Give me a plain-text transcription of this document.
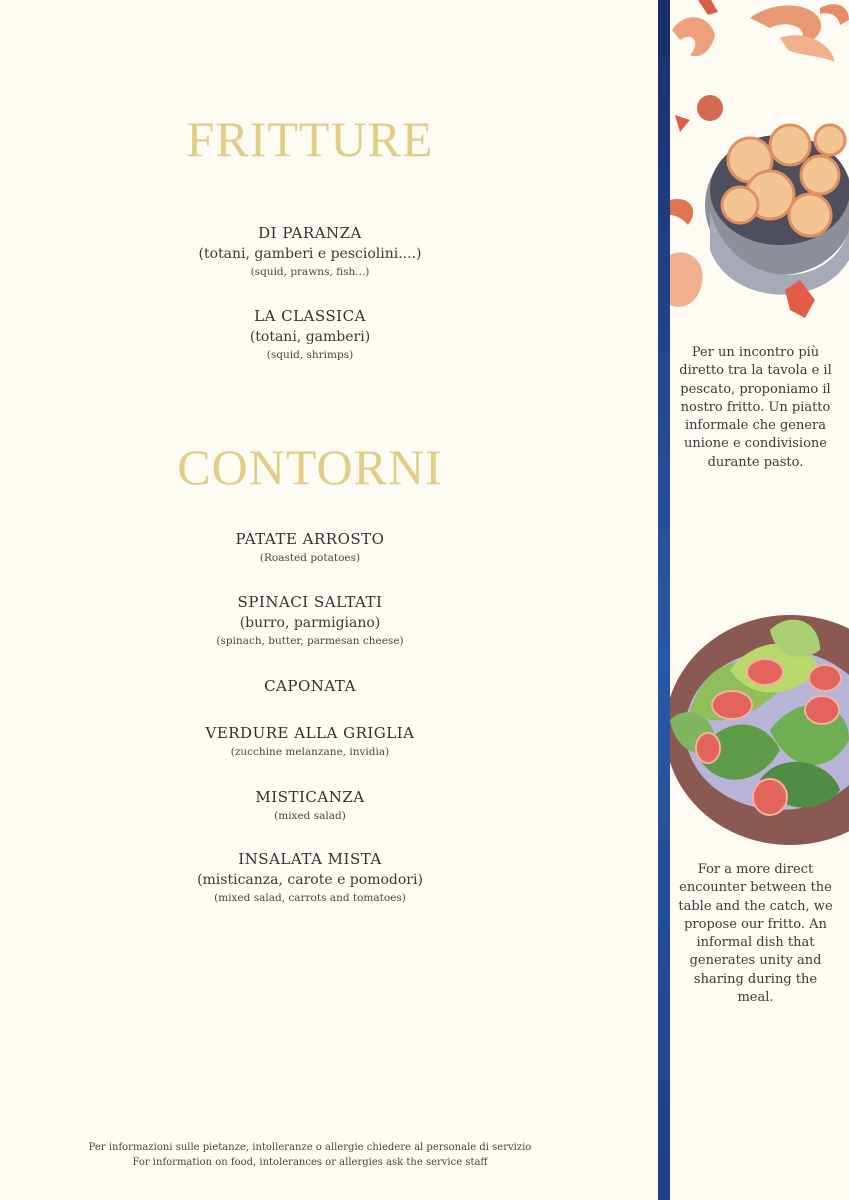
FRITTURE
DI PARANZA
(totani, gamberi e pesciolini....)
(squid, prawns, fish...)
LA CLASSICA
(totani, gamberi)
(squid, shrimps)
CONTORNI
PATATE ARROSTO
(Roasted potatoes)
SPINACI SALTATI
(burro, parmigiano)
(spinach, butter, parmesan cheese)
CAPONATA
VERDURE ALLA GRIGLIA
(zucchine melanzane, invidia)
MISTICANZA
(mixed salad)
INSALATA MISTA
(misticanza, carote e pomodori)
(mixed salad, carrots and tomatoes)
Per informazioni sulle pietanze, intolleranze o allergie chiedere al personale di servizio
For information on food, intolerances or allergies ask the service staff
Per un incontro più diretto tra la tavola e il pescato, proponiamo il nostro fritto. Un piatto informale che genera unione e condivisione durante pasto.
For a more direct encounter between the table and the catch, we propose our fritto. An informal dish that generates unity and sharing during the meal.
